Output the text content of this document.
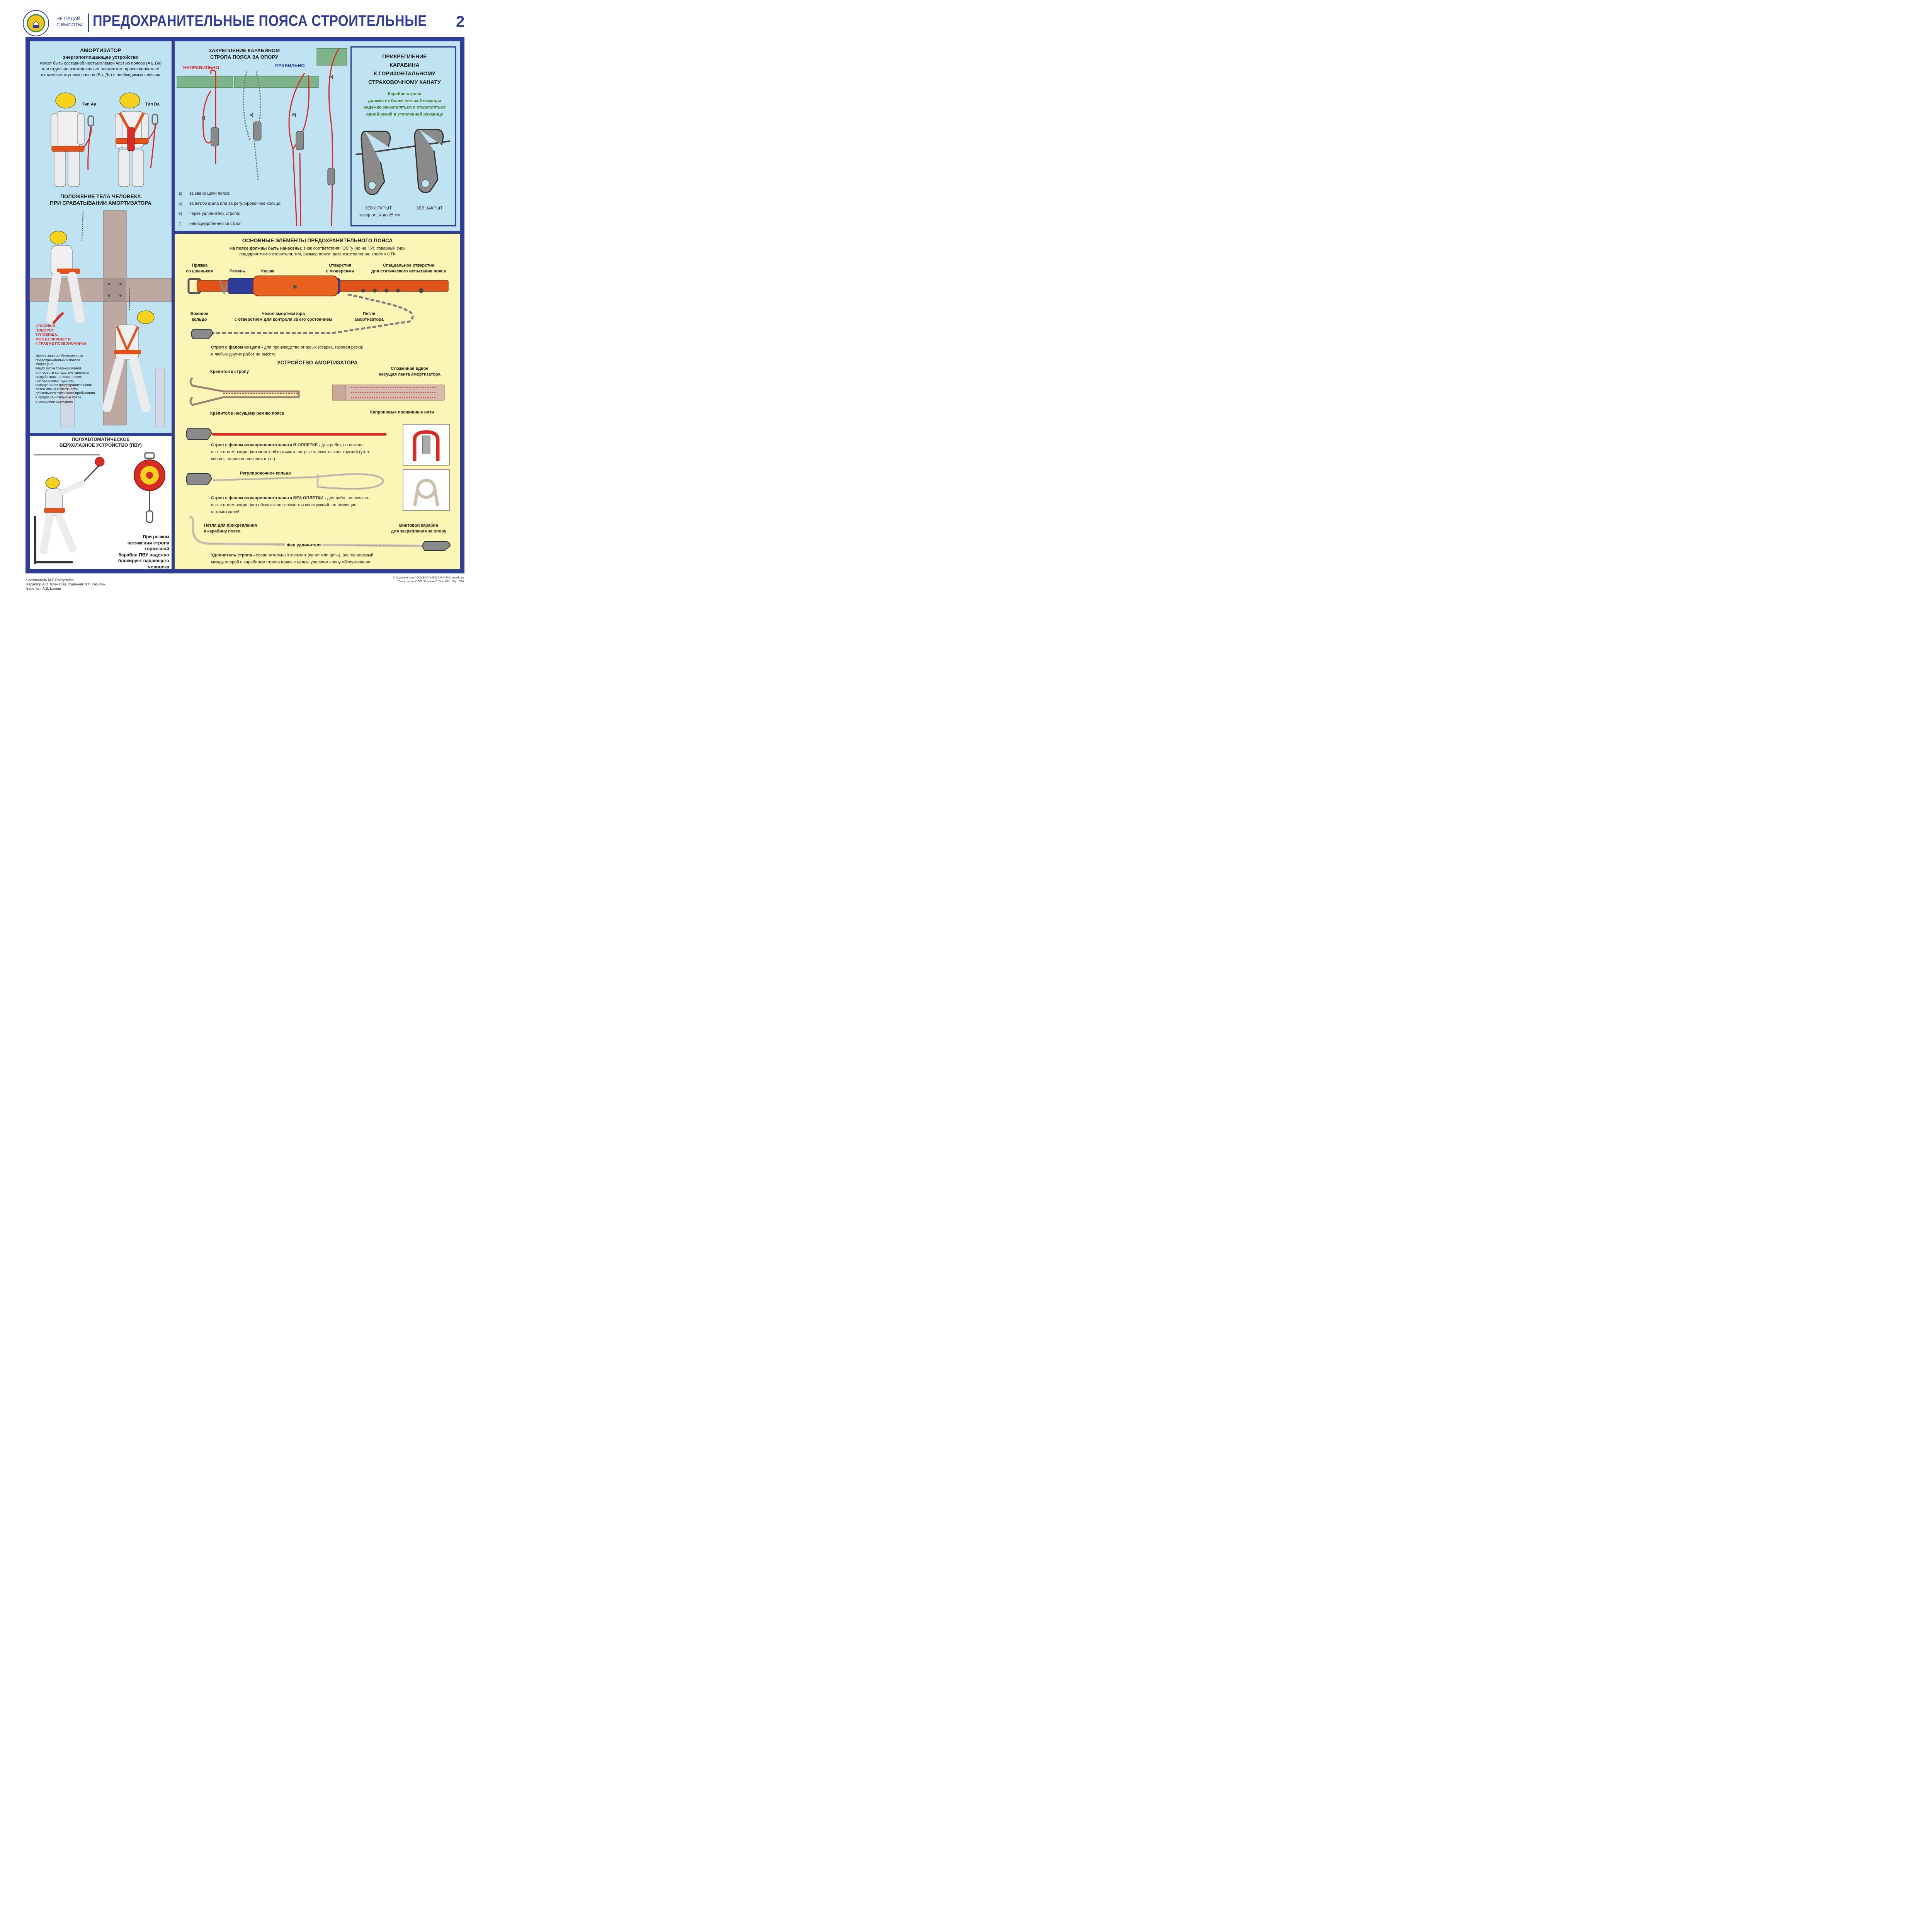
НЕ ПАДАЙ
С ВЫСОТЫ ! ПРЕДОХРАНИТЕЛЬНЫЕ ПОЯСА СТРОИТЕЛЬНЫЕ 2
АМОРТИЗАТОР
энергопоглощающее устройство
может быть составной неотъемлемой частью поясов (Аа, Ба)
или отдельно изготовленным элементом, присоединяемым
к съемным стропам поясов (Ва, Да) в необходимых случаях
Тип Аа	Тип Ва
ПОЛОЖЕНИЕ ТЕЛА ЧЕЛОВЕКА
ПРИ СРАБАТЫВАНИИ АМОРТИЗАТОРА
ОПАСНЫЙ
ПОВОРОТ
ТУЛОВИЩА.
МОЖЕТ ПРИВЕСТИ
К ТРАВМЕ ПОЗВОНОЧНИКА
Использование безлямочных
предохранительных поясов
запрещено
ввиду риска травмирования
или смерти вследствие ударного
воздействия на позвоночник
при остановке падения,
выпадения из предохранительного
пояса или невозможности
длительного статичного пребывания
в предохранительном поясе
в состоянии зависания
ПОЛУАВТОМАТИЧЕСКОЕ
ВЕРХОЛАЗНОЕ УСТРОЙСТВО (ПВУ)
При резком
натяжении стропа
тормозной
барабан ПВУ надежно
блокирует падающего человека
ЗАКРЕПЛЕНИЕ КАРАБИНОМ
СТРОПА ПОЯСА ЗА ОПОРУ
НЕПРАВИЛЬНО	ПРАВИЛЬНО
г)
а)	б)
в)
а) за звено цепи пояса;
б) за петлю фала или за регулировочное кольцо;
в) через удлинитель стропа;
г) непосредственно за строп
ПРИКРЕПЛЕНИЕ
КАРАБИНА
К ГОРИЗОНТАЛЬНОМУ
СТРАХОВОЧНОМУ КАНАТУ
Карабин стропа
должен не более чем за 3 секунды
надежно закрепляться и открепляться
одной рукой в утепленной рукавице
ЗЕВ ОТКРЫТ
зазор от 14 до 25 мм
ЗЕВ ЗАКРЫТ
ОСНОВНЫЕ ЭЛЕМЕНТЫ ПРЕДОХРАНИТЕЛЬНОГО ПОЯСА
На поясе должны быть нанесены: знак соответствия ГОСТу (но не ТУ); товарный знак
предприятия-изготовителя; тип, размер пояса; дата изготовления; клеймо ОТК
Пряжка
со шпеньком	Ремень	Кушак
Отверстия
с люверсами
Специальное отверстие
для статического испытания пояса
Боковое
кольцо
Чехол амортизатора
с отверстием для контроля за его состоянием
Петля
амортизатора
Строп с фалом из цепи - для производства огневых (сварка, газовая резка)
и любых других работ на высоте
УСТРОЙСТВО АМОРТИЗАТОРА
Крепится к стропу
Крепится к несущему ремню пояса
Сложенная вдвое
несущая лента амортизатора
Капроновые прошивные нити
Строп с фалом из капронового каната В ОПЛЕТКЕ - для работ, не связан-
ных с огнем, когда фал может обхватывать острые элементы конструкций (угол-
кового, таврового сечения и т.п.)
Регулировочное кольцо
Строп с фалом из капронового каната БЕЗ ОПЛЕТКИ - для работ, не связан-
ных с огнем, когда фал обхватывает элементы конструкций, не имеющие
острых граней
Петля для прикрепления
к карабину пояса
Винтовой карабин
для закрепления за опору
Фал удлинителя
Удлинитель стропа - соединительный элемент (канат или цепь), располагаемый
между опорой и карабином стропа пояса с целью увеличить зону обслуживания
Составитель М.Г. Бейтуганов
Редактор А.О. Ключарев. Художник В.П. Гасилин
Верстка - А.В. Цылев
© Издательство "СОУЭЛО" (495) 644-4326, souelo.ru
Типография ООО "Риммини". Зак. 88/1. Тир. 500
